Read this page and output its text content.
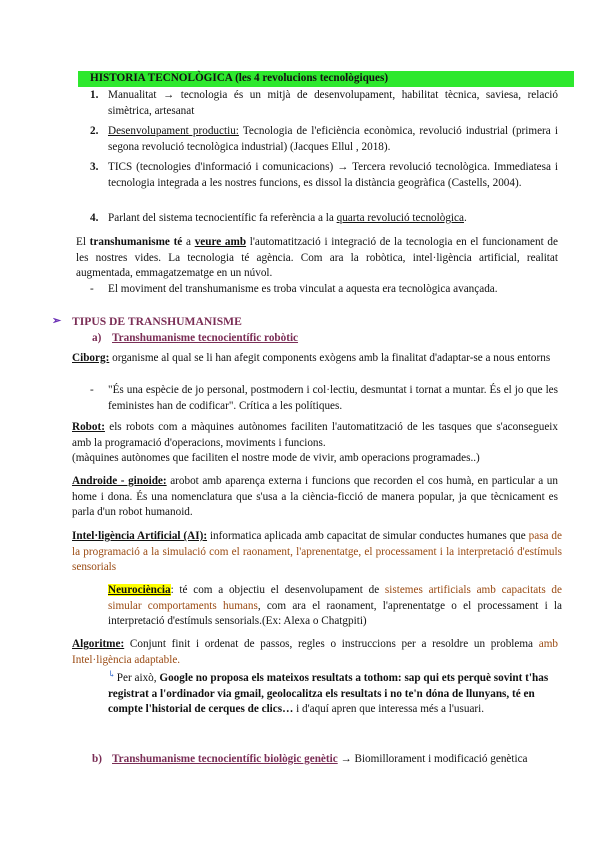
HISTORIA TECNOLÒGICA (les 4 revolucions tecnològiques)
1. Manualitat → tecnologia és un mitjà de desenvolupament, habilitat tècnica, saviesa, relació simètrica, artesanat
2. Desenvolupament productiu: Tecnologia de l'eficiència econòmica, revolució industrial (primera i segona revolució tecnològica industrial) (Jacques Ellul , 2018).
3. TICS (tecnologies d'informació i comunicacions) → Tercera revolució tecnològica. Immediatesa i tecnologia integrada a les nostres funcions, es dissol la distància geogràfica (Castells, 2004).
4. Parlant del sistema tecnocientífic fa referència a la quarta revolució tecnològica.
El transhumanisme té a veure amb l'automatització i integració de la tecnologia en el funcionament de les nostres vides. La tecnologia té agència. Com ara la robòtica, intel·ligència artificial, realitat augmentada, emmagatzematge en un núvol.
- El moviment del transhumanisme es troba vinculat a aquesta era tecnològica avançada.
➢ TIPUS DE TRANSHUMANISME
a) Transhumanisme tecnocientífic robòtic
Ciborg: organisme al qual se li han afegit components exògens amb la finalitat d'adaptar-se a nous entorns
- "És una espècie de jo personal, postmodern i col·lectiu, desmuntat i tornat a muntar. És el jo que les feministes han de codificar". Crítica a les polítiques.
Robot: els robots com a màquines autònomes faciliten l'automatització de les tasques que s'aconsegueix amb la programació d'operacions, moviments i funcions.
(màquines autònomes que faciliten el nostre mode de vivir, amb operacions programades..)
Androide - ginoide: arobot amb aparença externa i funcions que recorden el cos humà, en particular a un home i dona. És una nomenclatura que s'usa a la ciència-ficció de manera popular, ja que tècnicament es parla d'un robot humanoid.
Intel·ligència Artificial (AI): informatica aplicada amb capacitat de simular conductes humanes que pasa de la programació a la simulació com el raonament, l'aprenentatge, el processament i la interpretació d'estímuls sensorials
Neurociència: té com a objectiu el desenvolupament de sistemes artificials amb capacitats de simular comportaments humans, com ara el raonament, l'aprenentatge o el processament i la interpretació d'estímuls sensorials.(Ex: Alexa o Chatgpiti)
Algoritme: Conjunt finit i ordenat de passos, regles o instruccions per a resoldre un problema amb Intel·ligència adaptable.
↳
Per això, Google no proposa els mateixos resultats a tothom: sap qui ets perquè sovint t'has registrat a l'ordinador via gmail, geolocalitza els resultats i no te'n dóna de llunyans, té en compte l'historial de cerques de clics… i d'aquí apren que interessa més a l'usuari.
b) Transhumanisme tecnocientífic biològic genètic → Biomillorament i modificació genètica
